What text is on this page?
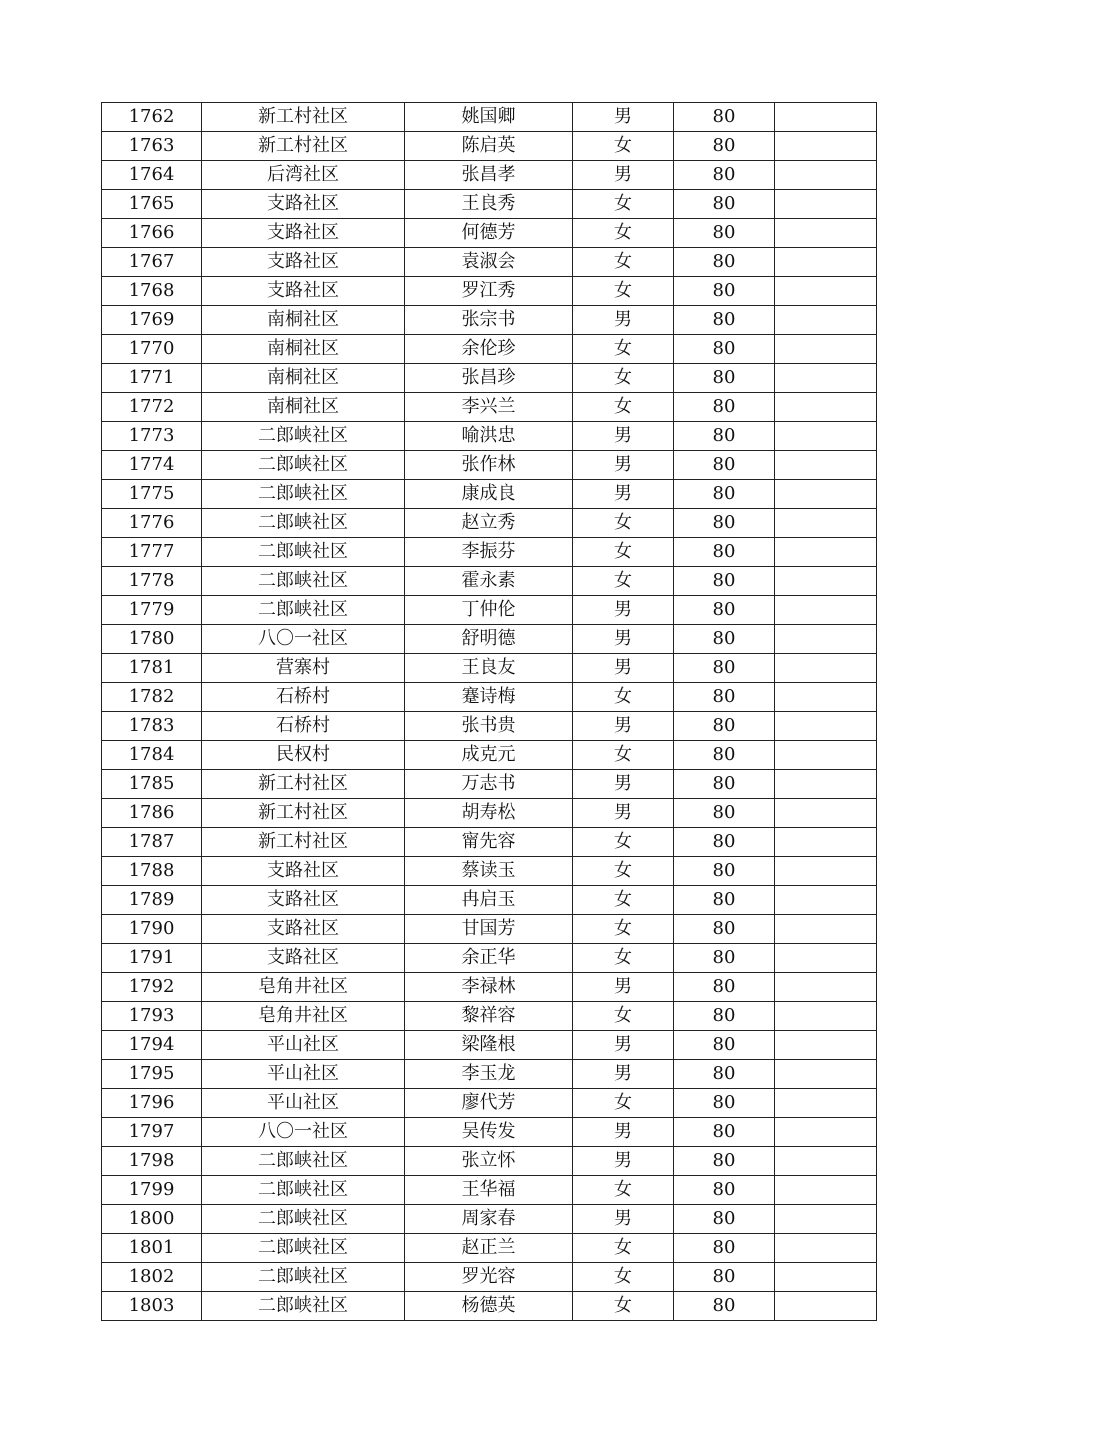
1762	新工村社区	姚国卿	男	80	
1763	新工村社区	陈启英	女	80	
1764	后湾社区	张昌孝	男	80	
1765	支路社区	王良秀	女	80	
1766	支路社区	何德芳	女	80	
1767	支路社区	袁淑会	女	80	
1768	支路社区	罗江秀	女	80	
1769	南桐社区	张宗书	男	80	
1770	南桐社区	余伦珍	女	80	
1771	南桐社区	张昌珍	女	80	
1772	南桐社区	李兴兰	女	80	
1773	二郎峡社区	喻洪忠	男	80	
1774	二郎峡社区	张作林	男	80	
1775	二郎峡社区	康成良	男	80	
1776	二郎峡社区	赵立秀	女	80	
1777	二郎峡社区	李振芬	女	80	
1778	二郎峡社区	霍永素	女	80	
1779	二郎峡社区	丁仲伦	男	80	
1780	八〇一社区	舒明德	男	80	
1781	营寨村	王良友	男	80	
1782	石桥村	蹇诗梅	女	80	
1783	石桥村	张书贵	男	80	
1784	民权村	成克元	女	80	
1785	新工村社区	万志书	男	80	
1786	新工村社区	胡寿松	男	80	
1787	新工村社区	甯先容	女	80	
1788	支路社区	蔡读玉	女	80	
1789	支路社区	冉启玉	女	80	
1790	支路社区	甘国芳	女	80	
1791	支路社区	余正华	女	80	
1792	皂角井社区	李禄林	男	80	
1793	皂角井社区	黎祥容	女	80	
1794	平山社区	梁隆根	男	80	
1795	平山社区	李玉龙	男	80	
1796	平山社区	廖代芳	女	80	
1797	八〇一社区	吴传发	男	80	
1798	二郎峡社区	张立怀	男	80	
1799	二郎峡社区	王华福	女	80	
1800	二郎峡社区	周家春	男	80	
1801	二郎峡社区	赵正兰	女	80	
1802	二郎峡社区	罗光容	女	80	
1803	二郎峡社区	杨德英	女	80	
